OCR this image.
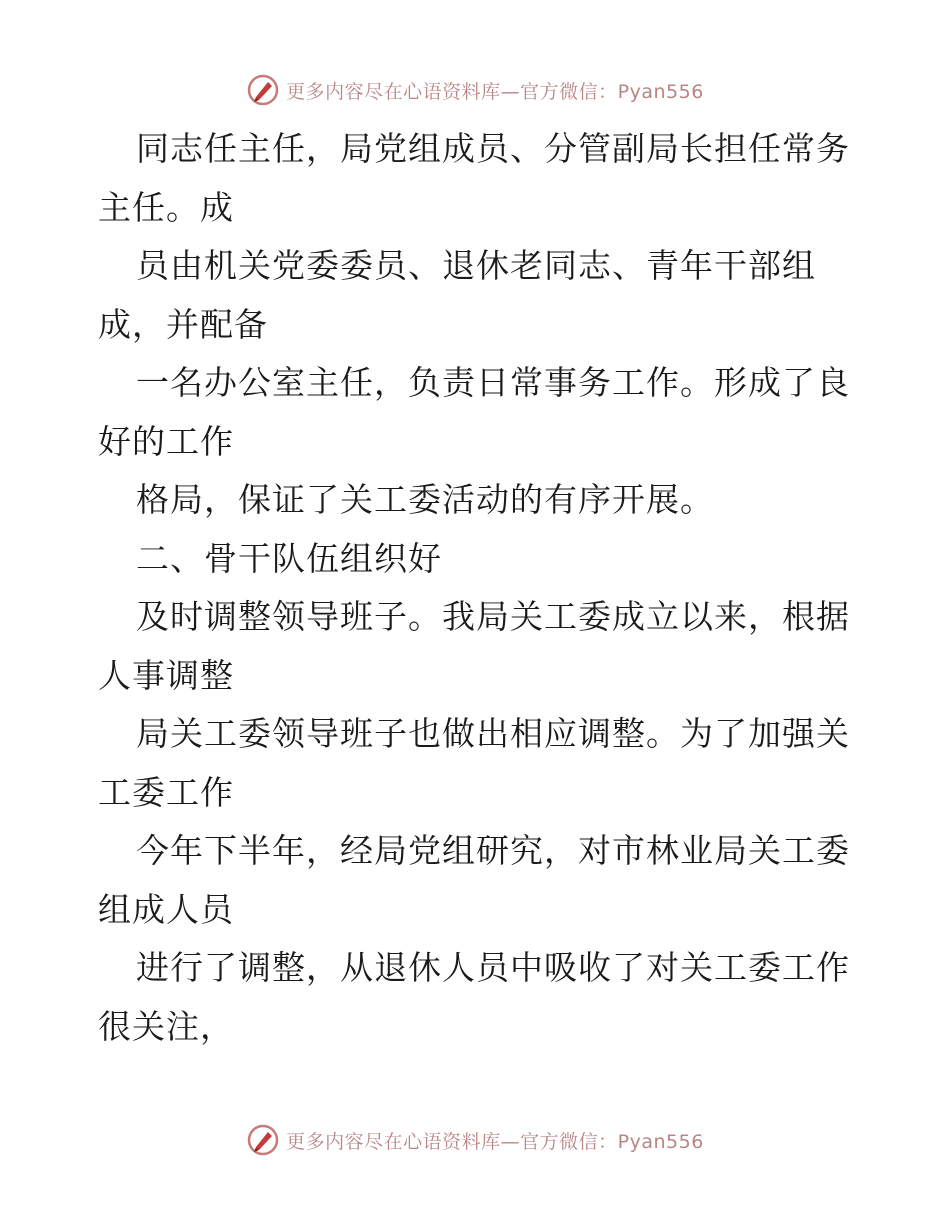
更多内容尽在心语资料库—官方微信：Pyan556

同志任主任，局党组成员、分管副局长担任常务主任。成

员由机关党委委员、退休老同志、青年干部组成，并配备

一名办公室主任，负责日常事务工作。形成了良好的工作

格局，保证了关工委活动的有序开展。

二、骨干队伍组织好

及时调整领导班子。我局关工委成立以来，根据人事调整

局关工委领导班子也做出相应调整。为了加强关工委工作

今年下半年，经局党组研究，对市林业局关工委组成人员

进行了调整，从退休人员中吸收了对关工委工作很关注，

更多内容尽在心语资料库—官方微信：Pyan556
